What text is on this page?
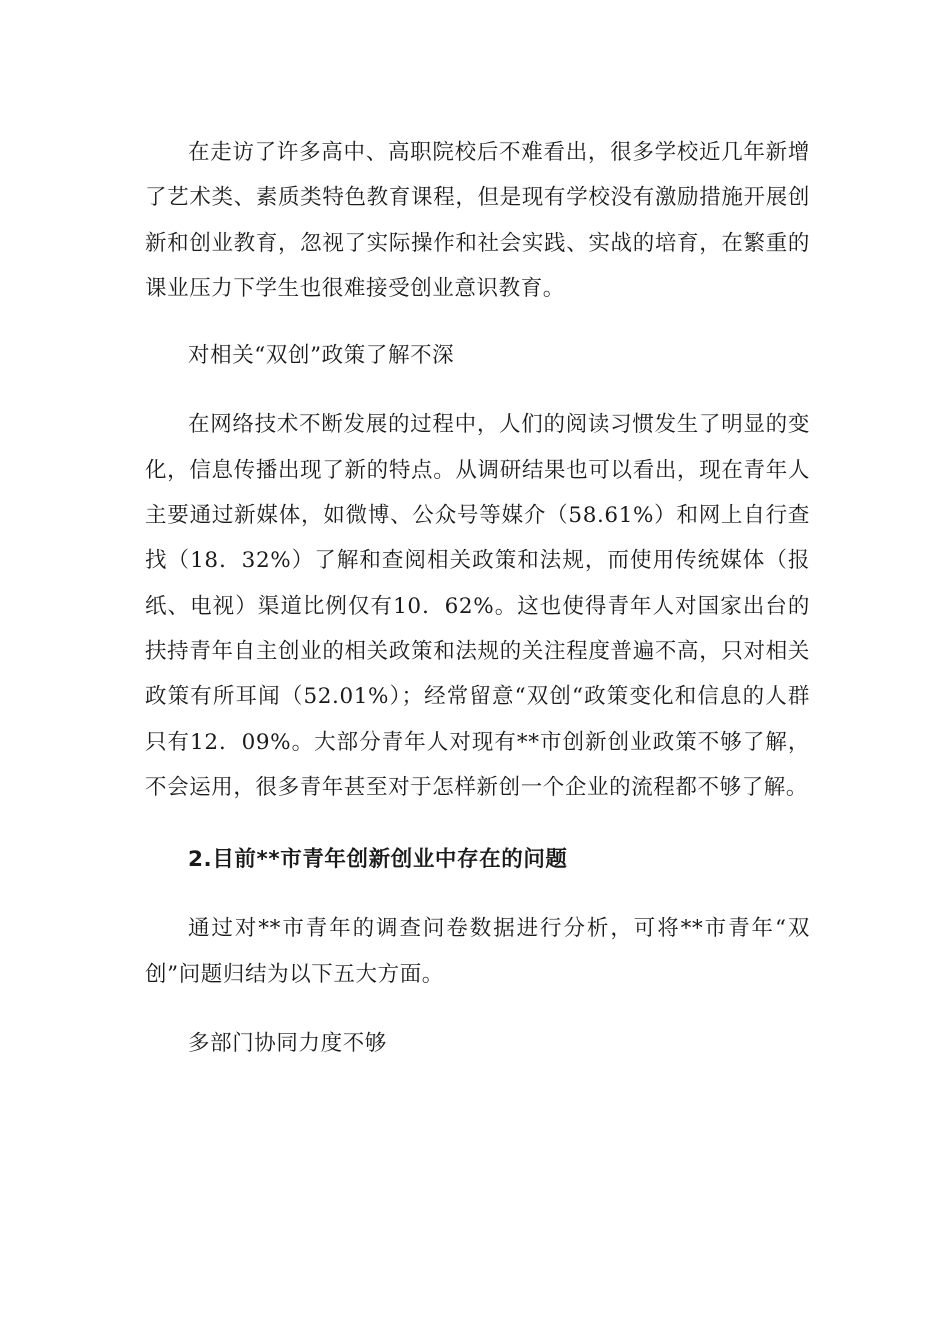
在走访了许多高中、高职院校后不难看出，很多学校近几年新增了艺术类、素质类特色教育课程，但是现有学校没有激励措施开展创新和创业教育，忽视了实际操作和社会实践、实战的培育，在繁重的课业压力下学生也很难接受创业意识教育。

对相关“双创”政策了解不深

在网络技术不断发展的过程中，人们的阅读习惯发生了明显的变化，信息传播出现了新的特点。从调研结果也可以看出，现在青年人主要通过新媒体，如微博、公众号等媒介（58.61%）和网上自行查找（18．32%）了解和查阅相关政策和法规，而使用传统媒体（报纸、电视）渠道比例仅有10．62%。这也使得青年人对国家出台的扶持青年自主创业的相关政策和法规的关注程度普遍不高，只对相关政策有所耳闻（52.01%）；经常留意“双创“政策变化和信息的人群只有12．09%。大部分青年人对现有**市创新创业政策不够了解，不会运用，很多青年甚至对于怎样新创一个企业的流程都不够了解。

2.目前**市青年创新创业中存在的问题

通过对**市青年的调查问卷数据进行分析，可将**市青年“双创”问题归结为以下五大方面。

多部门协同力度不够
